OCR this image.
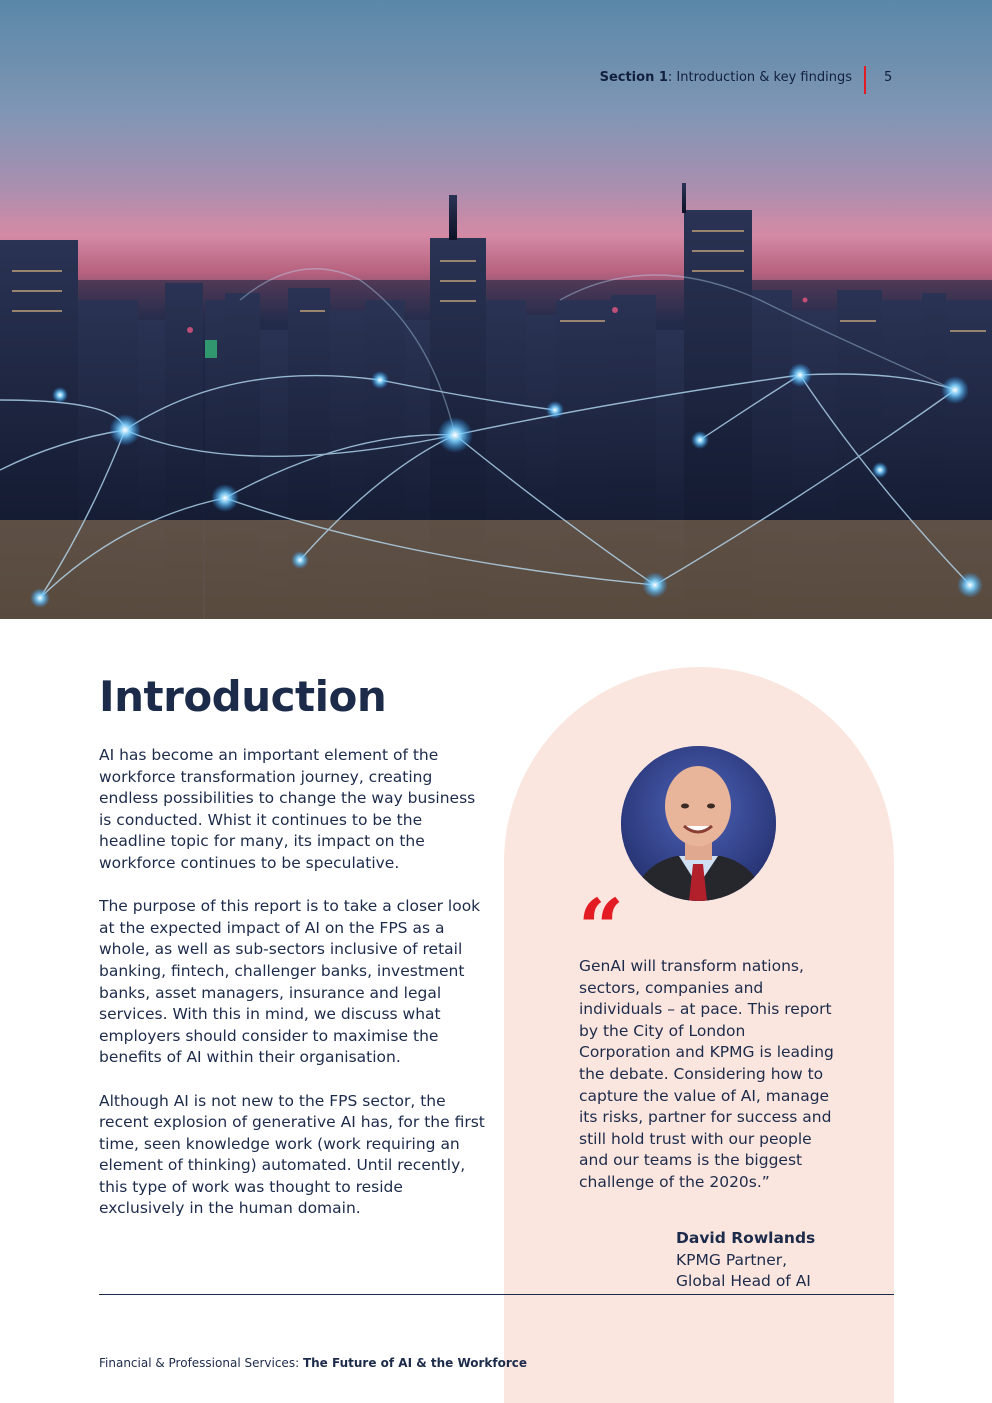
Section 1: Introduction & key findings 5
“
GenAI will transform nations, sectors, companies and individuals – at pace. This report by the City of London Corporation and KPMG is leading the debate. Considering how to capture the value of AI, manage its risks, partner for success and still hold trust with our people and our teams is the biggest challenge of the 2020s.”
David Rowlands
KPMG Partner,
Global Head of AI
Introduction

AI has become an important element of the workforce transformation journey, creating endless possibilities to change the way business is conducted. Whist it continues to be the headline topic for many, its impact on the workforce continues to be speculative.

The purpose of this report is to take a closer look at the expected impact of AI on the FPS as a whole, as well as sub-sectors inclusive of retail banking, fintech, challenger banks, investment banks, asset managers, insurance and legal services. With this in mind, we discuss what employers should consider to maximise the benefits of AI within their organisation.

Although AI is not new to the FPS sector, the recent explosion of generative AI has, for the first time, seen knowledge work (work requiring an element of thinking) automated. Until recently, this type of work was thought to reside exclusively in the human domain.

Financial & Professional Services: The Future of AI & the Workforce
